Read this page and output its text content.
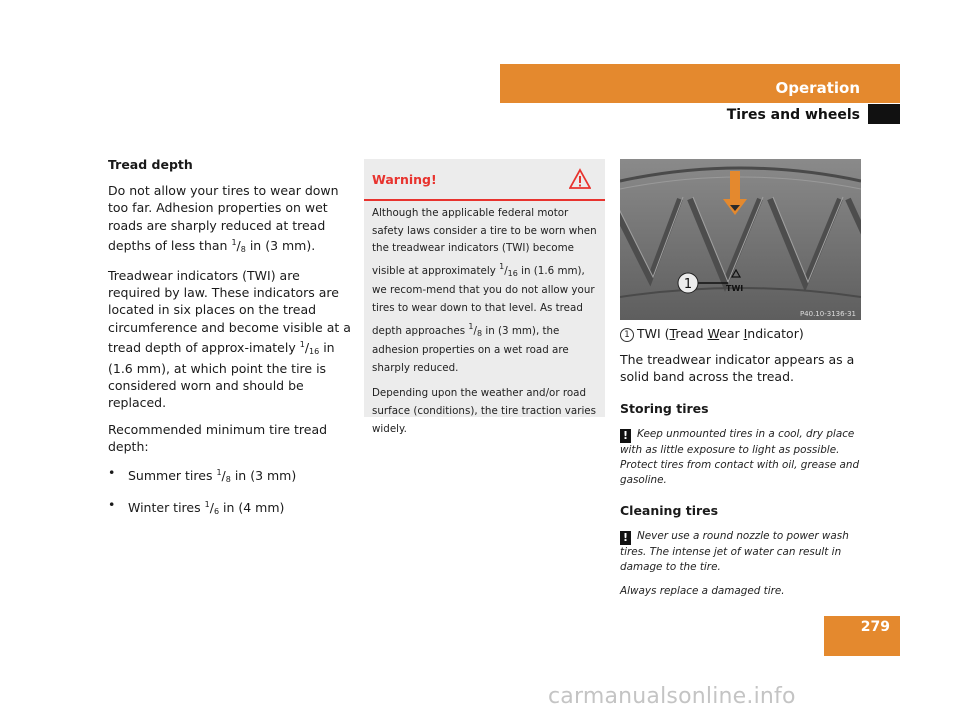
Operation
Tires and wheels

Tread depth

Do not allow your tires to wear down too far. Adhesion properties on wet roads are sharply reduced at tread depths of less than $^1/_8$ in (3 mm).

Treadwear indicators (TWI) are required by law. These indicators are located in six places on the tread circumference and become visible at a tread depth of approx-imately $^1/_{16}$ in (1.6 mm), at which point the tire is considered worn and should be replaced.

Recommended minimum tire tread depth:

•	Summer tires $^1/_8$ in (3 mm)
•	Winter tires $^1/_6$ in (4 mm)
Warning!

Although the applicable federal motor safety laws consider a tire to be worn when the treadwear indicators (TWI) become visible at approximately $^1/_{16}$ in (1.6 mm), we recom-mend that you do not allow your tires to wear down to that level. As tread depth approaches $^1/_8$ in (3 mm), the adhesion properties on a wet road are sharply reduced.

Depending upon the weather and/or road surface (conditions), the tire traction varies widely.

1	TWI
P40.10-3136-31

1 TWI (Tread Wear Indicator)

The treadwear indicator appears as a solid band across the tread.

Storing tires

! Keep unmounted tires in a cool, dry place with as little exposure to light as possible. Protect tires from contact with oil, grease and gasoline.

Cleaning tires

! Never use a round nozzle to power wash tires. The intense jet of water can result in damage to the tire.

Always replace a damaged tire.

279
carmanualsonline.info
